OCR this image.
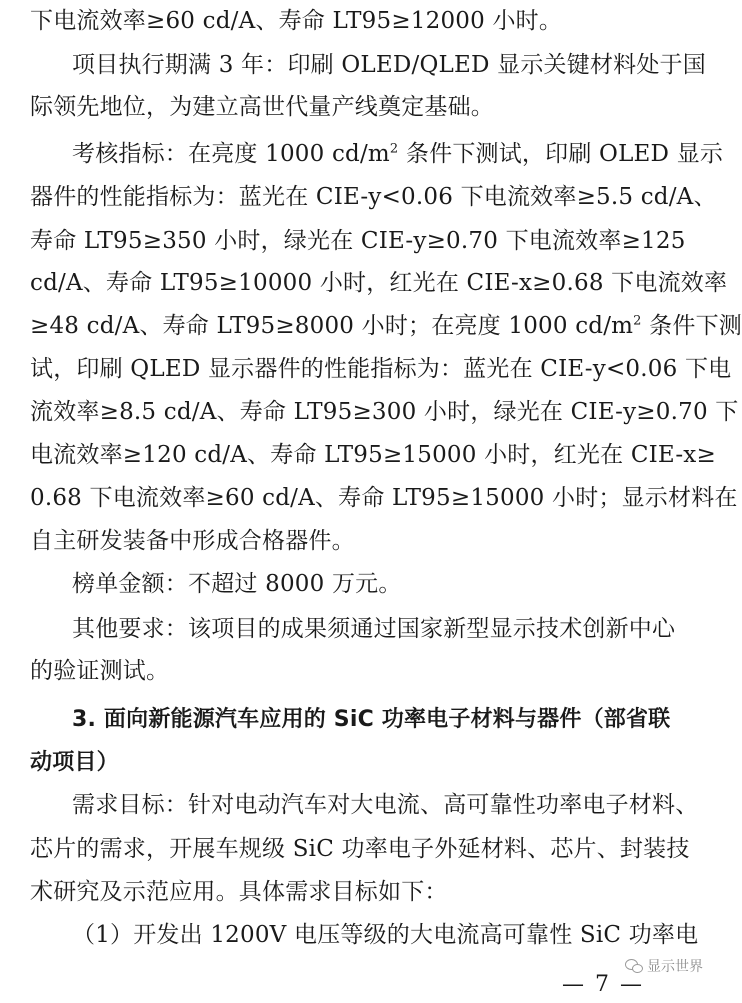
下电流效率≥60 cd/A、寿命 LT95≥12000 小时。
项目执行期满 3 年：印刷 OLED/QLED 显示关键材料处于国
际领先地位，为建立高世代量产线奠定基础。
考核指标：在亮度 1000 $cd/m^2$ 条件下测试，印刷 OLED 显示
器件的性能指标为：蓝光在 CIE-y<0.06 下电流效率≥5.5 cd/A、
寿命 LT95≥350 小时，绿光在 CIE-y≥0.70 下电流效率≥125
cd/A、寿命 LT95≥10000 小时，红光在 CIE-x≥0.68 下电流效率
≥48 cd/A、寿命 LT95≥8000 小时；在亮度 1000 $cd/m^2$ 条件下测
试，印刷 QLED 显示器件的性能指标为：蓝光在 CIE-y<0.06 下电
流效率≥8.5 cd/A、寿命 LT95≥300 小时，绿光在 CIE-y≥0.70 下
电流效率≥120 cd/A、寿命 LT95≥15000 小时，红光在 CIE-x≥
0.68 下电流效率≥60 cd/A、寿命 LT95≥15000 小时；显示材料在
自主研发装备中形成合格器件。
榜单金额：不超过 8000 万元。
其他要求：该项目的成果须通过国家新型显示技术创新中心
的验证测试。
3. 面向新能源汽车应用的 SiC 功率电子材料与器件（部省联
动项目）
需求目标：针对电动汽车对大电流、高可靠性功率电子材料、
芯片的需求，开展车规级 SiC 功率电子外延材料、芯片、封装技
术研究及示范应用。具体需求目标如下：
（1）开发出 1200V 电压等级的大电流高可靠性 SiC 功率电
显示世界
— 7 —
